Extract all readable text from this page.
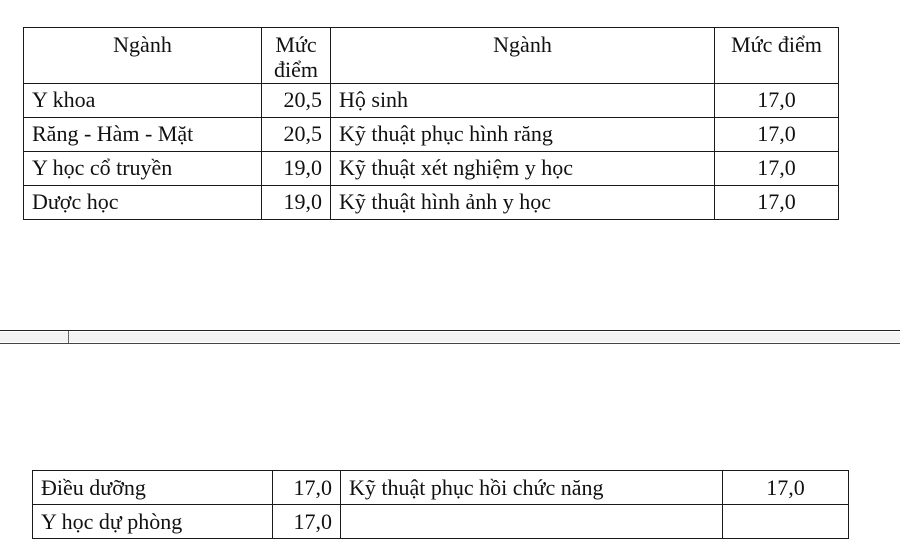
Ngành	Mức điểm	Ngành	Mức điểm
Y khoa	20,5	Hộ sinh	17,0
Răng - Hàm - Mặt	20,5	Kỹ thuật phục hình răng	17,0
Y học cổ truyền	19,0	Kỹ thuật xét nghiệm y học	17,0
Dược học	19,0	Kỹ thuật hình ảnh y học	17,0
Điều dưỡng	17,0	Kỹ thuật phục hồi chức năng	17,0
Y học dự phòng	17,0		
